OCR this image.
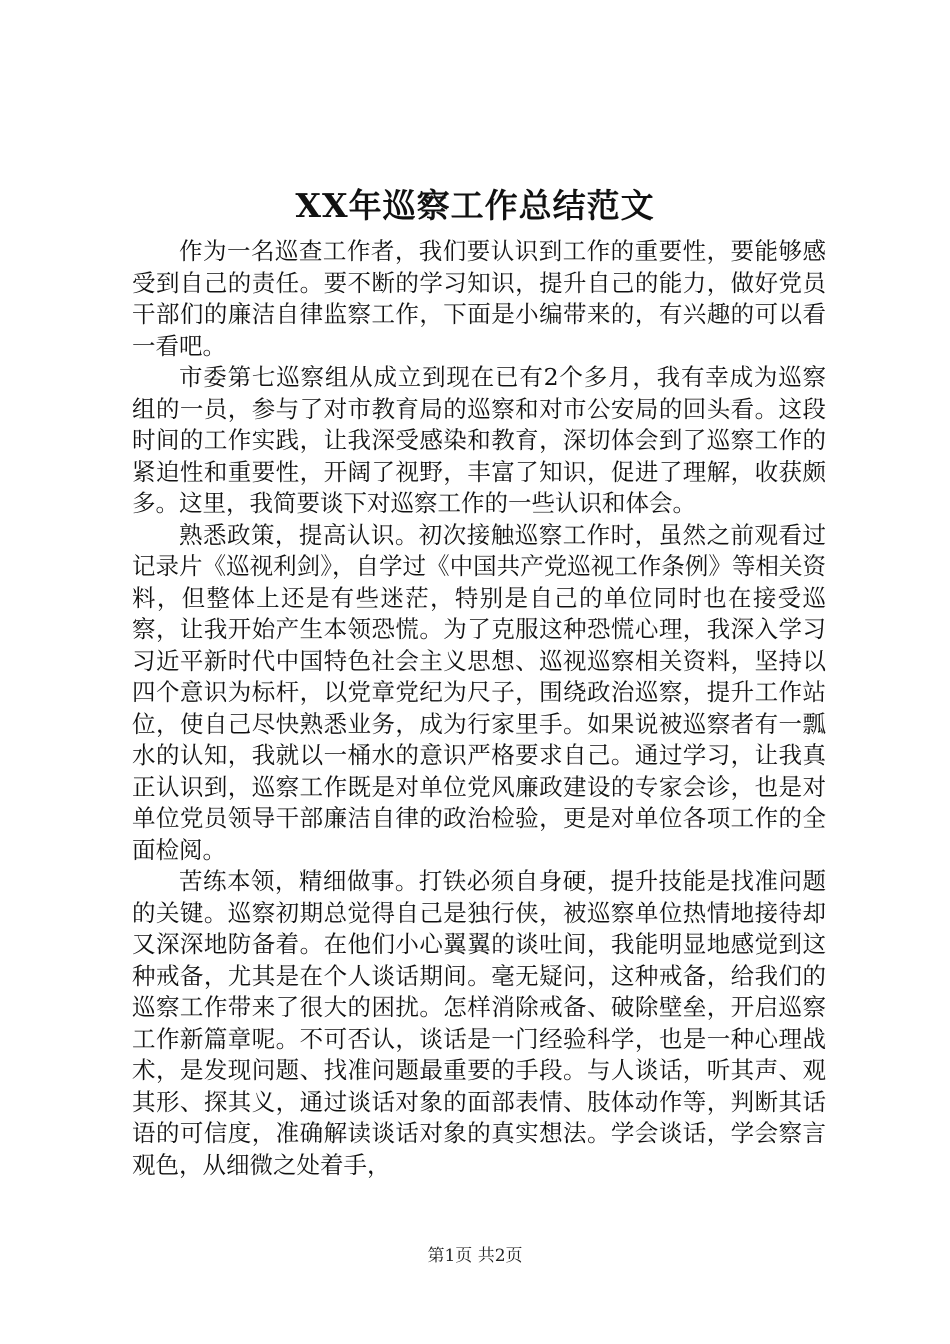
XX年巡察工作总结范文

作为一名巡查工作者，我们要认识到工作的重要性，要能够感受到自己的责任。要不断的学习知识，提升自己的能力，做好党员干部们的廉洁自律监察工作，下面是小编带来的，有兴趣的可以看一看吧。

市委第七巡察组从成立到现在已有2个多月，我有幸成为巡察组的一员，参与了对市教育局的巡察和对市公安局的回头看。这段时间的工作实践，让我深受感染和教育，深切体会到了巡察工作的紧迫性和重要性，开阔了视野，丰富了知识，促进了理解，收获颇多。这里，我简要谈下对巡察工作的一些认识和体会。

熟悉政策，提高认识。初次接触巡察工作时，虽然之前观看过记录片《巡视利剑》，自学过《中国共产党巡视工作条例》等相关资料，但整体上还是有些迷茫，特别是自己的单位同时也在接受巡察，让我开始产生本领恐慌。为了克服这种恐慌心理，我深入学习习近平新时代中国特色社会主义思想、巡视巡察相关资料，坚持以四个意识为标杆，以党章党纪为尺子，围绕政治巡察，提升工作站位，使自己尽快熟悉业务，成为行家里手。如果说被巡察者有一瓢水的认知，我就以一桶水的意识严格要求自己。通过学习，让我真正认识到，巡察工作既是对单位党风廉政建设的专家会诊，也是对单位党员领导干部廉洁自律的政治检验，更是对单位各项工作的全面检阅。

苦练本领，精细做事。打铁必须自身硬，提升技能是找准问题的关键。巡察初期总觉得自己是独行侠，被巡察单位热情地接待却又深深地防备着。在他们小心翼翼的谈吐间，我能明显地感觉到这种戒备，尤其是在个人谈话期间。毫无疑问，这种戒备，给我们的巡察工作带来了很大的困扰。怎样消除戒备、破除壁垒，开启巡察工作新篇章呢。不可否认，谈话是一门经验科学，也是一种心理战术，是发现问题、找准问题最重要的手段。与人谈话，听其声、观其形、探其义，通过谈话对象的面部表情、肢体动作等，判断其话语的可信度，准确解读谈话对象的真实想法。学会谈话，学会察言观色，从细微之处着手，

第1页 共2页
